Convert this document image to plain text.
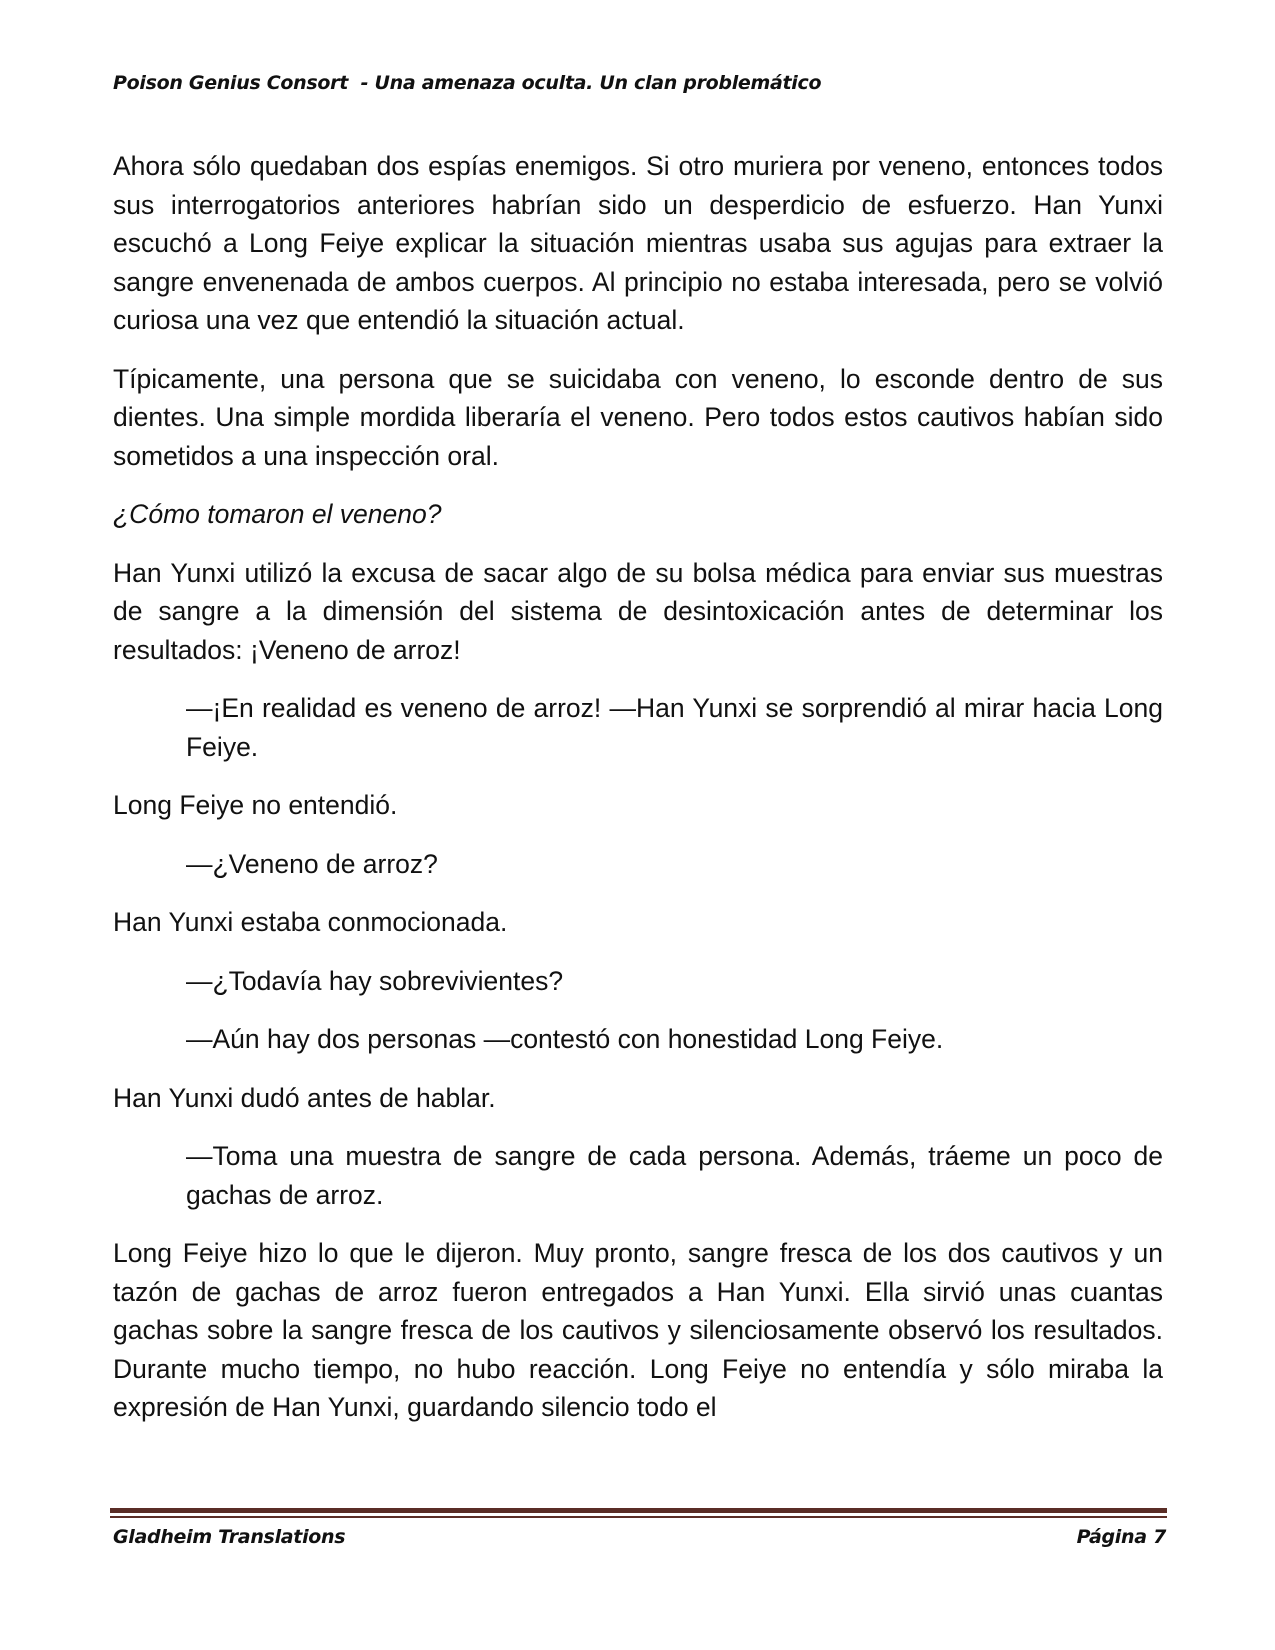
Poison Genius Consort  - Una amenaza oculta. Un clan problemático

Ahora sólo quedaban dos espías enemigos. Si otro muriera por veneno, entonces todos sus interrogatorios anteriores habrían sido un desperdicio de esfuerzo. Han Yunxi escuchó a Long Feiye explicar la situación mientras usaba sus agujas para extraer la sangre envenenada de ambos cuerpos. Al principio no estaba interesada, pero se volvió curiosa una vez que entendió la situación actual.

Típicamente, una persona que se suicidaba con veneno, lo esconde dentro de sus dientes. Una simple mordida liberaría el veneno. Pero todos estos cautivos habían sido sometidos a una inspección oral.

¿Cómo tomaron el veneno?

Han Yunxi utilizó la excusa de sacar algo de su bolsa médica para enviar sus muestras de sangre a la dimensión del sistema de desintoxicación antes de determinar los resultados: ¡Veneno de arroz!

—¡En realidad es veneno de arroz! —Han Yunxi se sorprendió al mirar hacia Long Feiye.

Long Feiye no entendió.

—¿Veneno de arroz?

Han Yunxi estaba conmocionada.

—¿Todavía hay sobrevivientes?

—Aún hay dos personas —contestó con honestidad Long Feiye.

Han Yunxi dudó antes de hablar.

—Toma una muestra de sangre de cada persona. Además, tráeme un poco de gachas de arroz.

Long Feiye hizo lo que le dijeron. Muy pronto, sangre fresca de los dos cautivos y un tazón de gachas de arroz fueron entregados a Han Yunxi. Ella sirvió unas cuantas gachas sobre la sangre fresca de los cautivos y silenciosamente observó los resultados. Durante mucho tiempo, no hubo reacción. Long Feiye no entendía y sólo miraba la expresión de Han Yunxi, guardando silencio todo el

Gladheim Translations	Página 7
